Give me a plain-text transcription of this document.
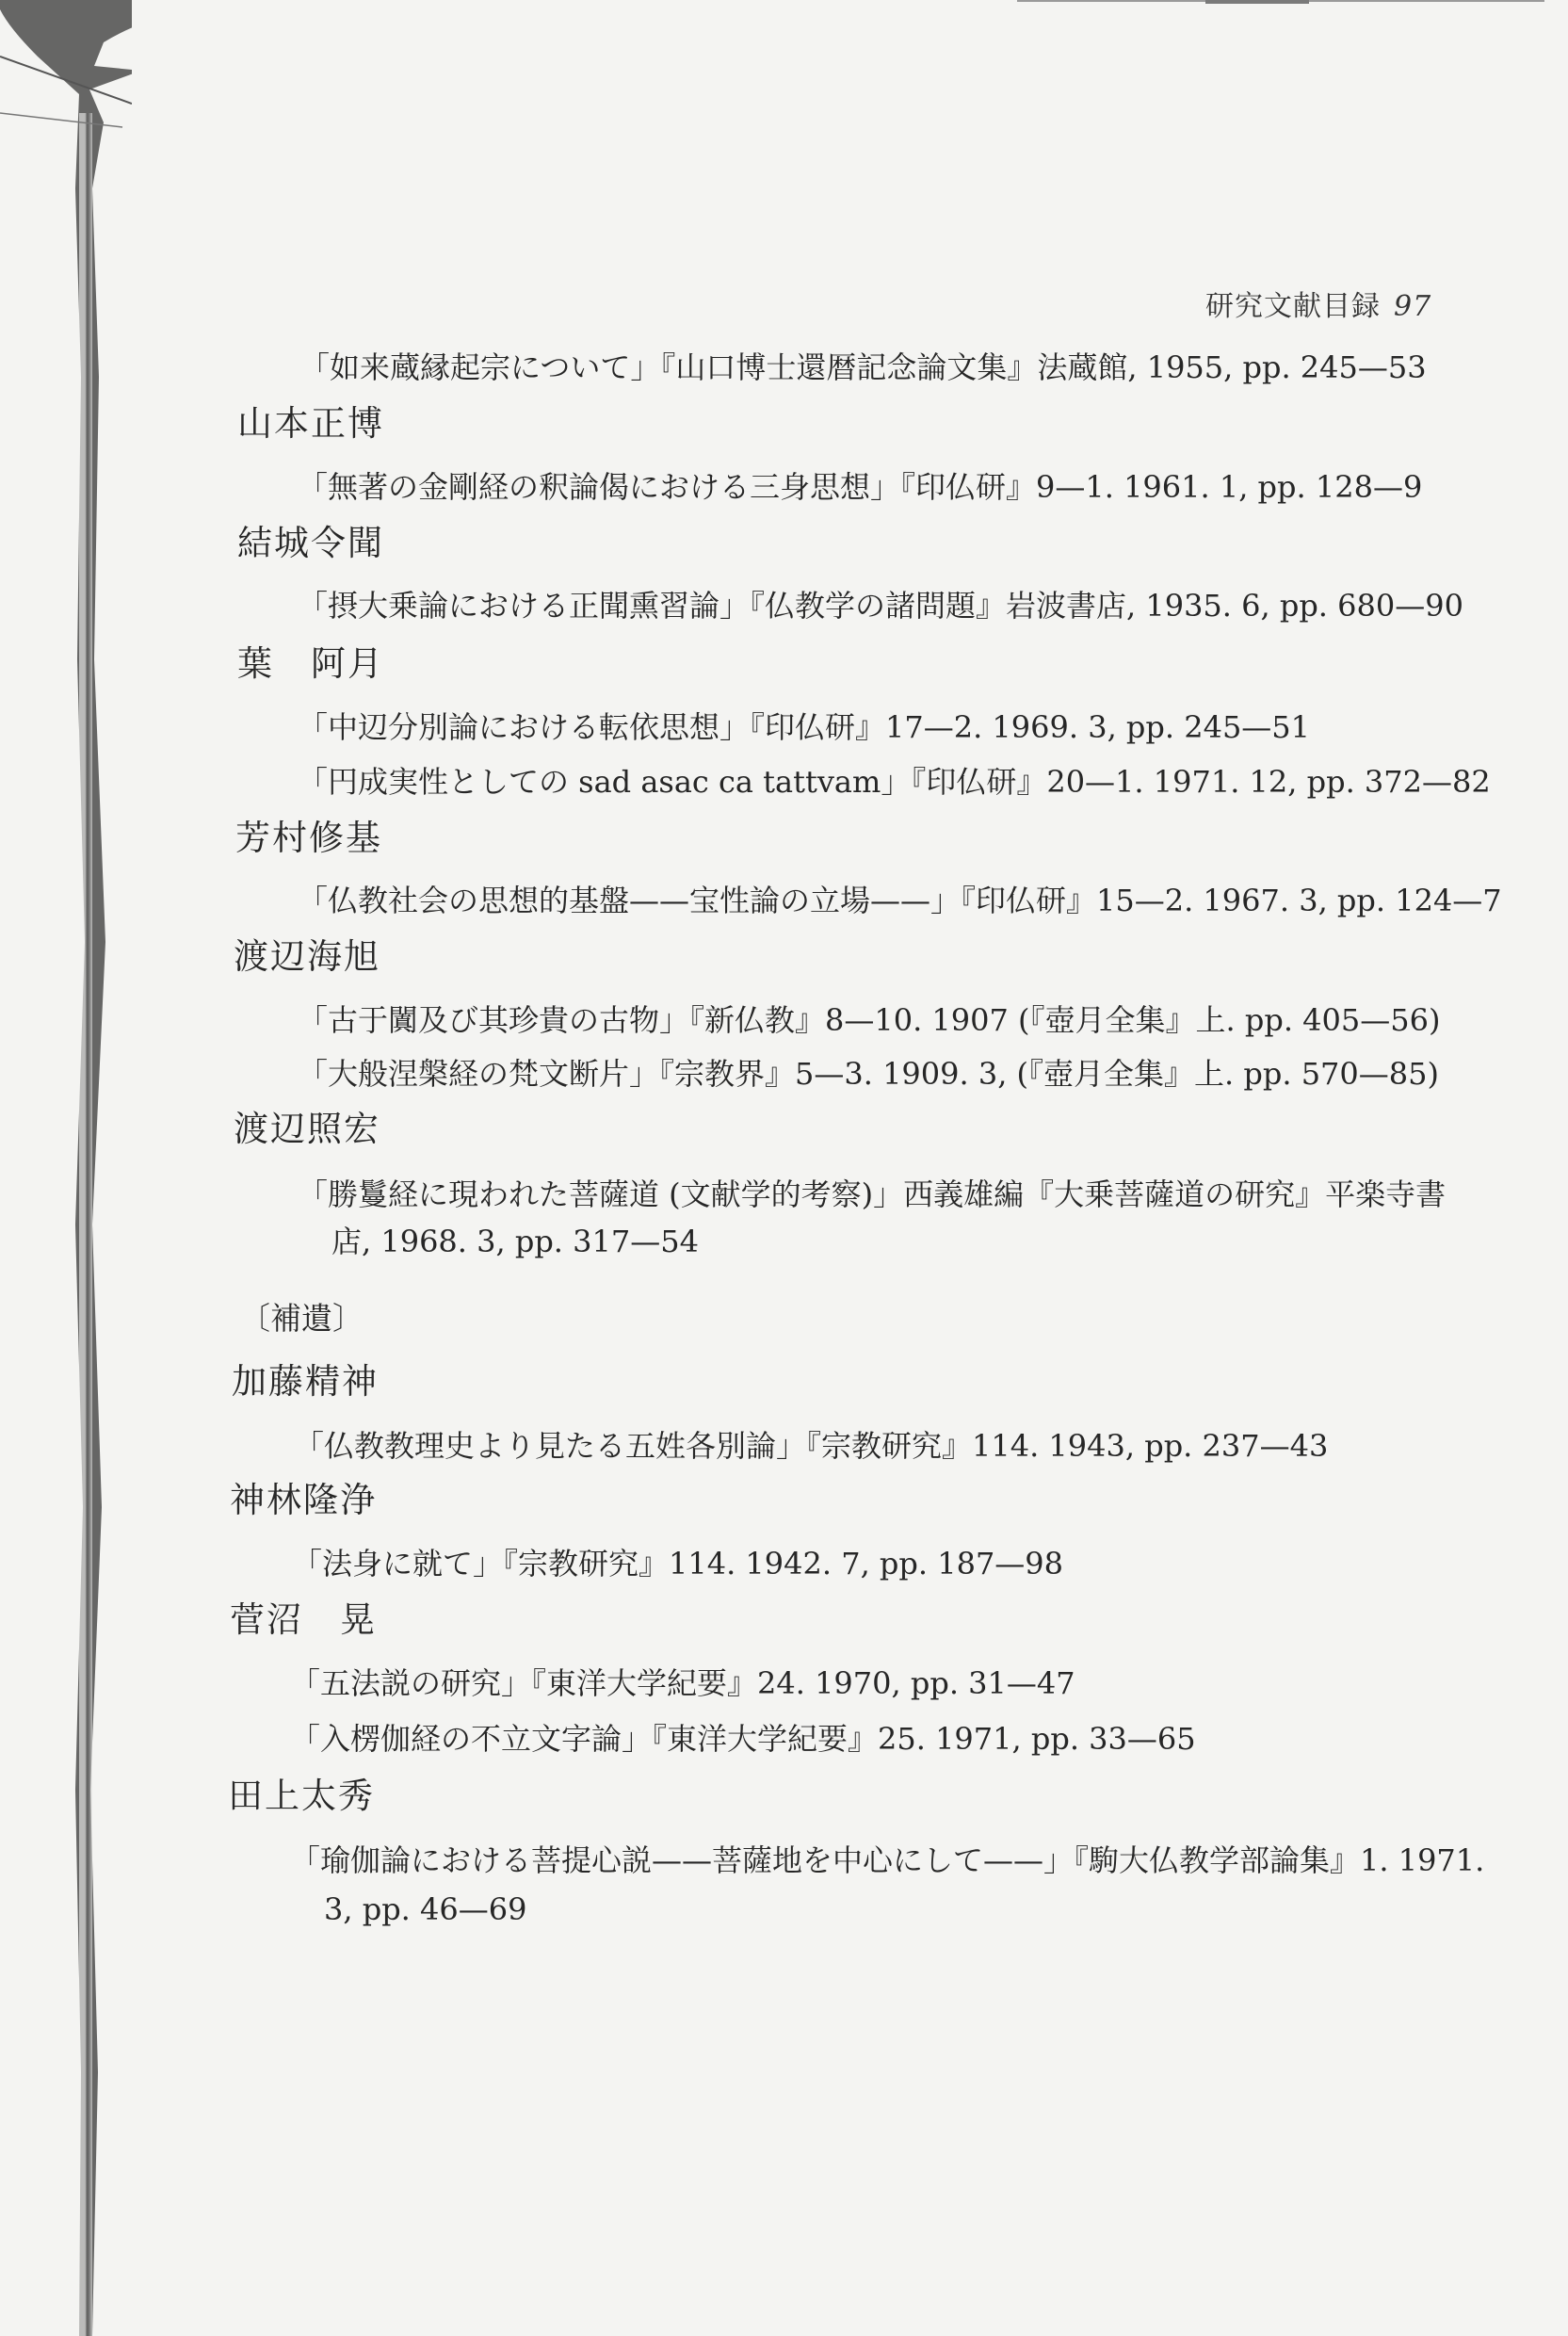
研究文献目録 97
「如来蔵縁起宗について」『山口博士還暦記念論文集』法蔵館, 1955, pp. 245—53
山本正博
「無著の金剛経の釈論偈における三身思想」『印仏研』9—1. 1961. 1, pp. 128—9
結城令聞
「摂大乗論における正聞熏習論」『仏教学の諸問題』岩波書店, 1935. 6, pp. 680—90
葉　阿月
「中辺分別論における転依思想」『印仏研』17—2. 1969. 3, pp. 245—51
「円成実性としての sad asac ca tattvam」『印仏研』20—1. 1971. 12, pp. 372—82
芳村修基
「仏教社会の思想的基盤——宝性論の立場——」『印仏研』15—2. 1967. 3, pp. 124—7
渡辺海旭
「古于闐及び其珍貴の古物」『新仏教』8—10. 1907 (『壺月全集』上. pp. 405—56)
「大般涅槃経の梵文断片」『宗教界』5—3. 1909. 3, (『壺月全集』上. pp. 570—85)
渡辺照宏
「勝鬘経に現われた菩薩道 (文献学的考察)」西義雄編『大乗菩薩道の研究』平楽寺書
店, 1968. 3, pp. 317—54
〔補遺〕
加藤精神
「仏教教理史より見たる五姓各別論」『宗教研究』114. 1943, pp. 237—43
神林隆浄
「法身に就て」『宗教研究』114. 1942. 7, pp. 187—98
菅沼　晃
「五法説の研究」『東洋大学紀要』24. 1970, pp. 31—47
「入楞伽経の不立文字論」『東洋大学紀要』25. 1971, pp. 33—65
田上太秀
「瑜伽論における菩提心説——菩薩地を中心にして——」『駒大仏教学部論集』1. 1971.
3, pp. 46—69
